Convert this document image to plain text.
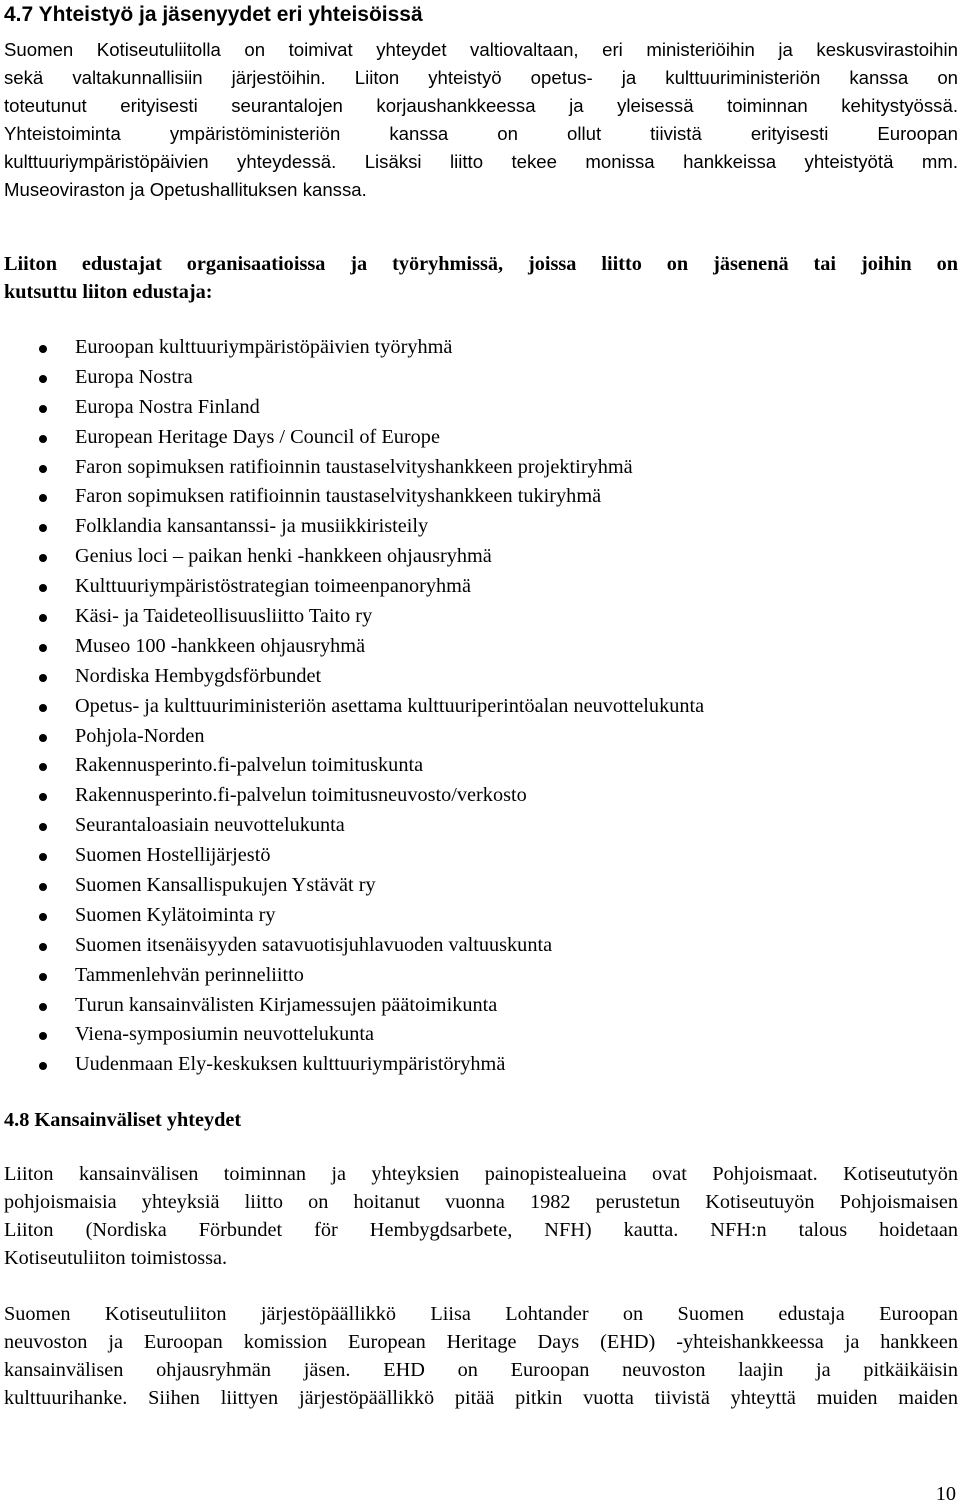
4.7 Yhteistyö ja jäsenyydet eri yhteisöissä
Suomen Kotiseutuliitolla on toimivat yhteydet valtiovaltaan, eri ministeriöihin ja keskusvirastoihin
sekä valtakunnallisiin järjestöihin. Liiton yhteistyö opetus- ja kulttuuriministeriön kanssa on
toteutunut erityisesti seurantalojen korjaushankkeessa ja yleisessä toiminnan kehitystyössä.
Yhteistoiminta ympäristöministeriön kanssa on ollut tiivistä erityisesti Euroopan
kulttuuriympäristöpäivien yhteydessä. Lisäksi liitto tekee monissa hankkeissa yhteistyötä mm.
Museoviraston ja Opetushallituksen kanssa.
Liiton edustajat organisaatioissa ja työryhmissä, joissa liitto on jäsenenä tai joihin on
kutsuttu liiton edustaja:
Euroopan kulttuuriympäristöpäivien työryhmä
Europa Nostra
Europa Nostra Finland
European Heritage Days / Council of Europe
Faron sopimuksen ratifioinnin taustaselvityshankkeen projektiryhmä
Faron sopimuksen ratifioinnin taustaselvityshankkeen tukiryhmä
Folklandia kansantanssi- ja musiikkiristeily
Genius loci – paikan henki -hankkeen ohjausryhmä
Kulttuuriympäristöstrategian toimeenpanoryhmä
Käsi- ja Taideteollisuusliitto Taito ry
Museo 100 -hankkeen ohjausryhmä
Nordiska Hembygdsförbundet
Opetus- ja kulttuuriministeriön asettama kulttuuriperintöalan neuvottelukunta
Pohjola-Norden
Rakennusperinto.fi-palvelun toimituskunta
Rakennusperinto.fi-palvelun toimitusneuvosto/verkosto
Seurantaloasiain neuvottelukunta
Suomen Hostellijärjestö
Suomen Kansallispukujen Ystävät ry
Suomen Kylätoiminta ry
Suomen itsenäisyyden satavuotisjuhlavuoden valtuuskunta
Tammenlehvän perinneliitto
Turun kansainvälisten Kirjamessujen päätoimikunta
Viena-symposiumin neuvottelukunta
Uudenmaan Ely-keskuksen kulttuuriympäristöryhmä
4.8 Kansainväliset yhteydet
Liiton kansainvälisen toiminnan ja yhteyksien painopistealueina ovat Pohjoismaat. Kotiseututyön
pohjoismaisia yhteyksiä liitto on hoitanut vuonna 1982 perustetun Kotiseutuyön Pohjoismaisen
Liiton (Nordiska Förbundet för Hembygdsarbete, NFH) kautta. NFH:n talous hoidetaan
Kotiseutuliiton toimistossa.
Suomen Kotiseutuliiton järjestöpäällikkö Liisa Lohtander on Suomen edustaja Euroopan
neuvoston ja Euroopan komission European Heritage Days (EHD) -yhteishankkeessa ja hankkeen
kansainvälisen ohjausryhmän jäsen. EHD on Euroopan neuvoston laajin ja pitkäikäisin
kulttuurihanke. Siihen liittyen järjestöpäällikkö pitää pitkin vuotta tiivistä yhteyttä muiden maiden
10
